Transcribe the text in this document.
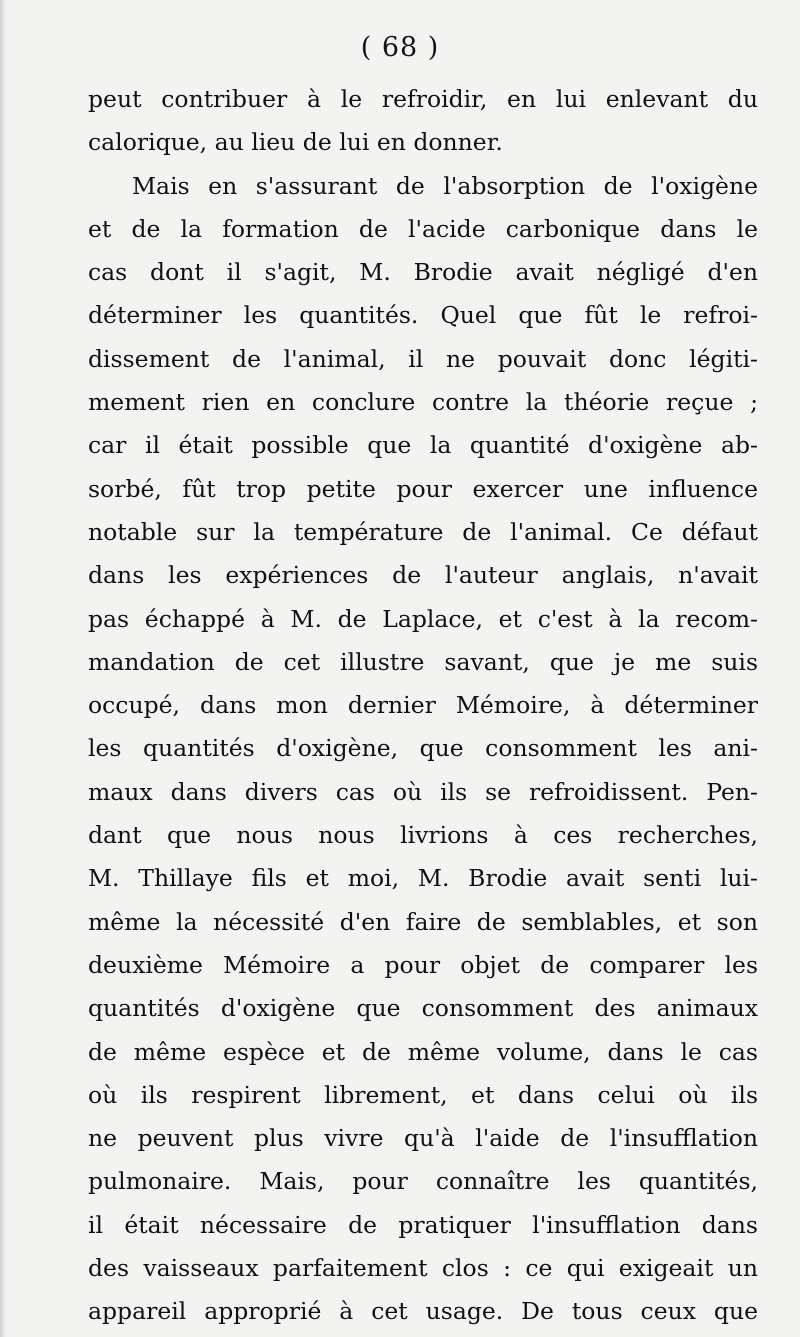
( 68 )
peut contribuer à le refroidir, en lui enlevant du
calorique, au lieu de lui en donner.
Mais en s'assurant de l'absorption de l'oxigène
et de la formation de l'acide carbonique dans le
cas dont il s'agit, M. Brodie avait négligé d'en
déterminer les quantités. Quel que fût le refroi-
dissement de l'animal, il ne pouvait donc légiti-
mement rien en conclure contre la théorie reçue ;
car il était possible que la quantité d'oxigène ab-
sorbé, fût trop petite pour exercer une influence
notable sur la température de l'animal. Ce défaut
dans les expériences de l'auteur anglais, n'avait
pas échappé à M. de Laplace, et c'est à la recom-
mandation de cet illustre savant, que je me suis
occupé, dans mon dernier Mémoire, à déterminer
les quantités d'oxigène, que consomment les ani-
maux dans divers cas où ils se refroidissent. Pen-
dant que nous nous livrions à ces recherches,
M. Thillaye fils et moi, M. Brodie avait senti lui-
même la nécessité d'en faire de semblables, et son
deuxième Mémoire a pour objet de comparer les
quantités d'oxigène que consomment des animaux
de même espèce et de même volume, dans le cas
où ils respirent librement, et dans celui où ils
ne peuvent plus vivre qu'à l'aide de l'insufflation
pulmonaire. Mais, pour connaître les quantités,
il était nécessaire de pratiquer l'insufflation dans
des vaisseaux parfaitement clos : ce qui exigeait un
appareil approprié à cet usage. De tous ceux que
